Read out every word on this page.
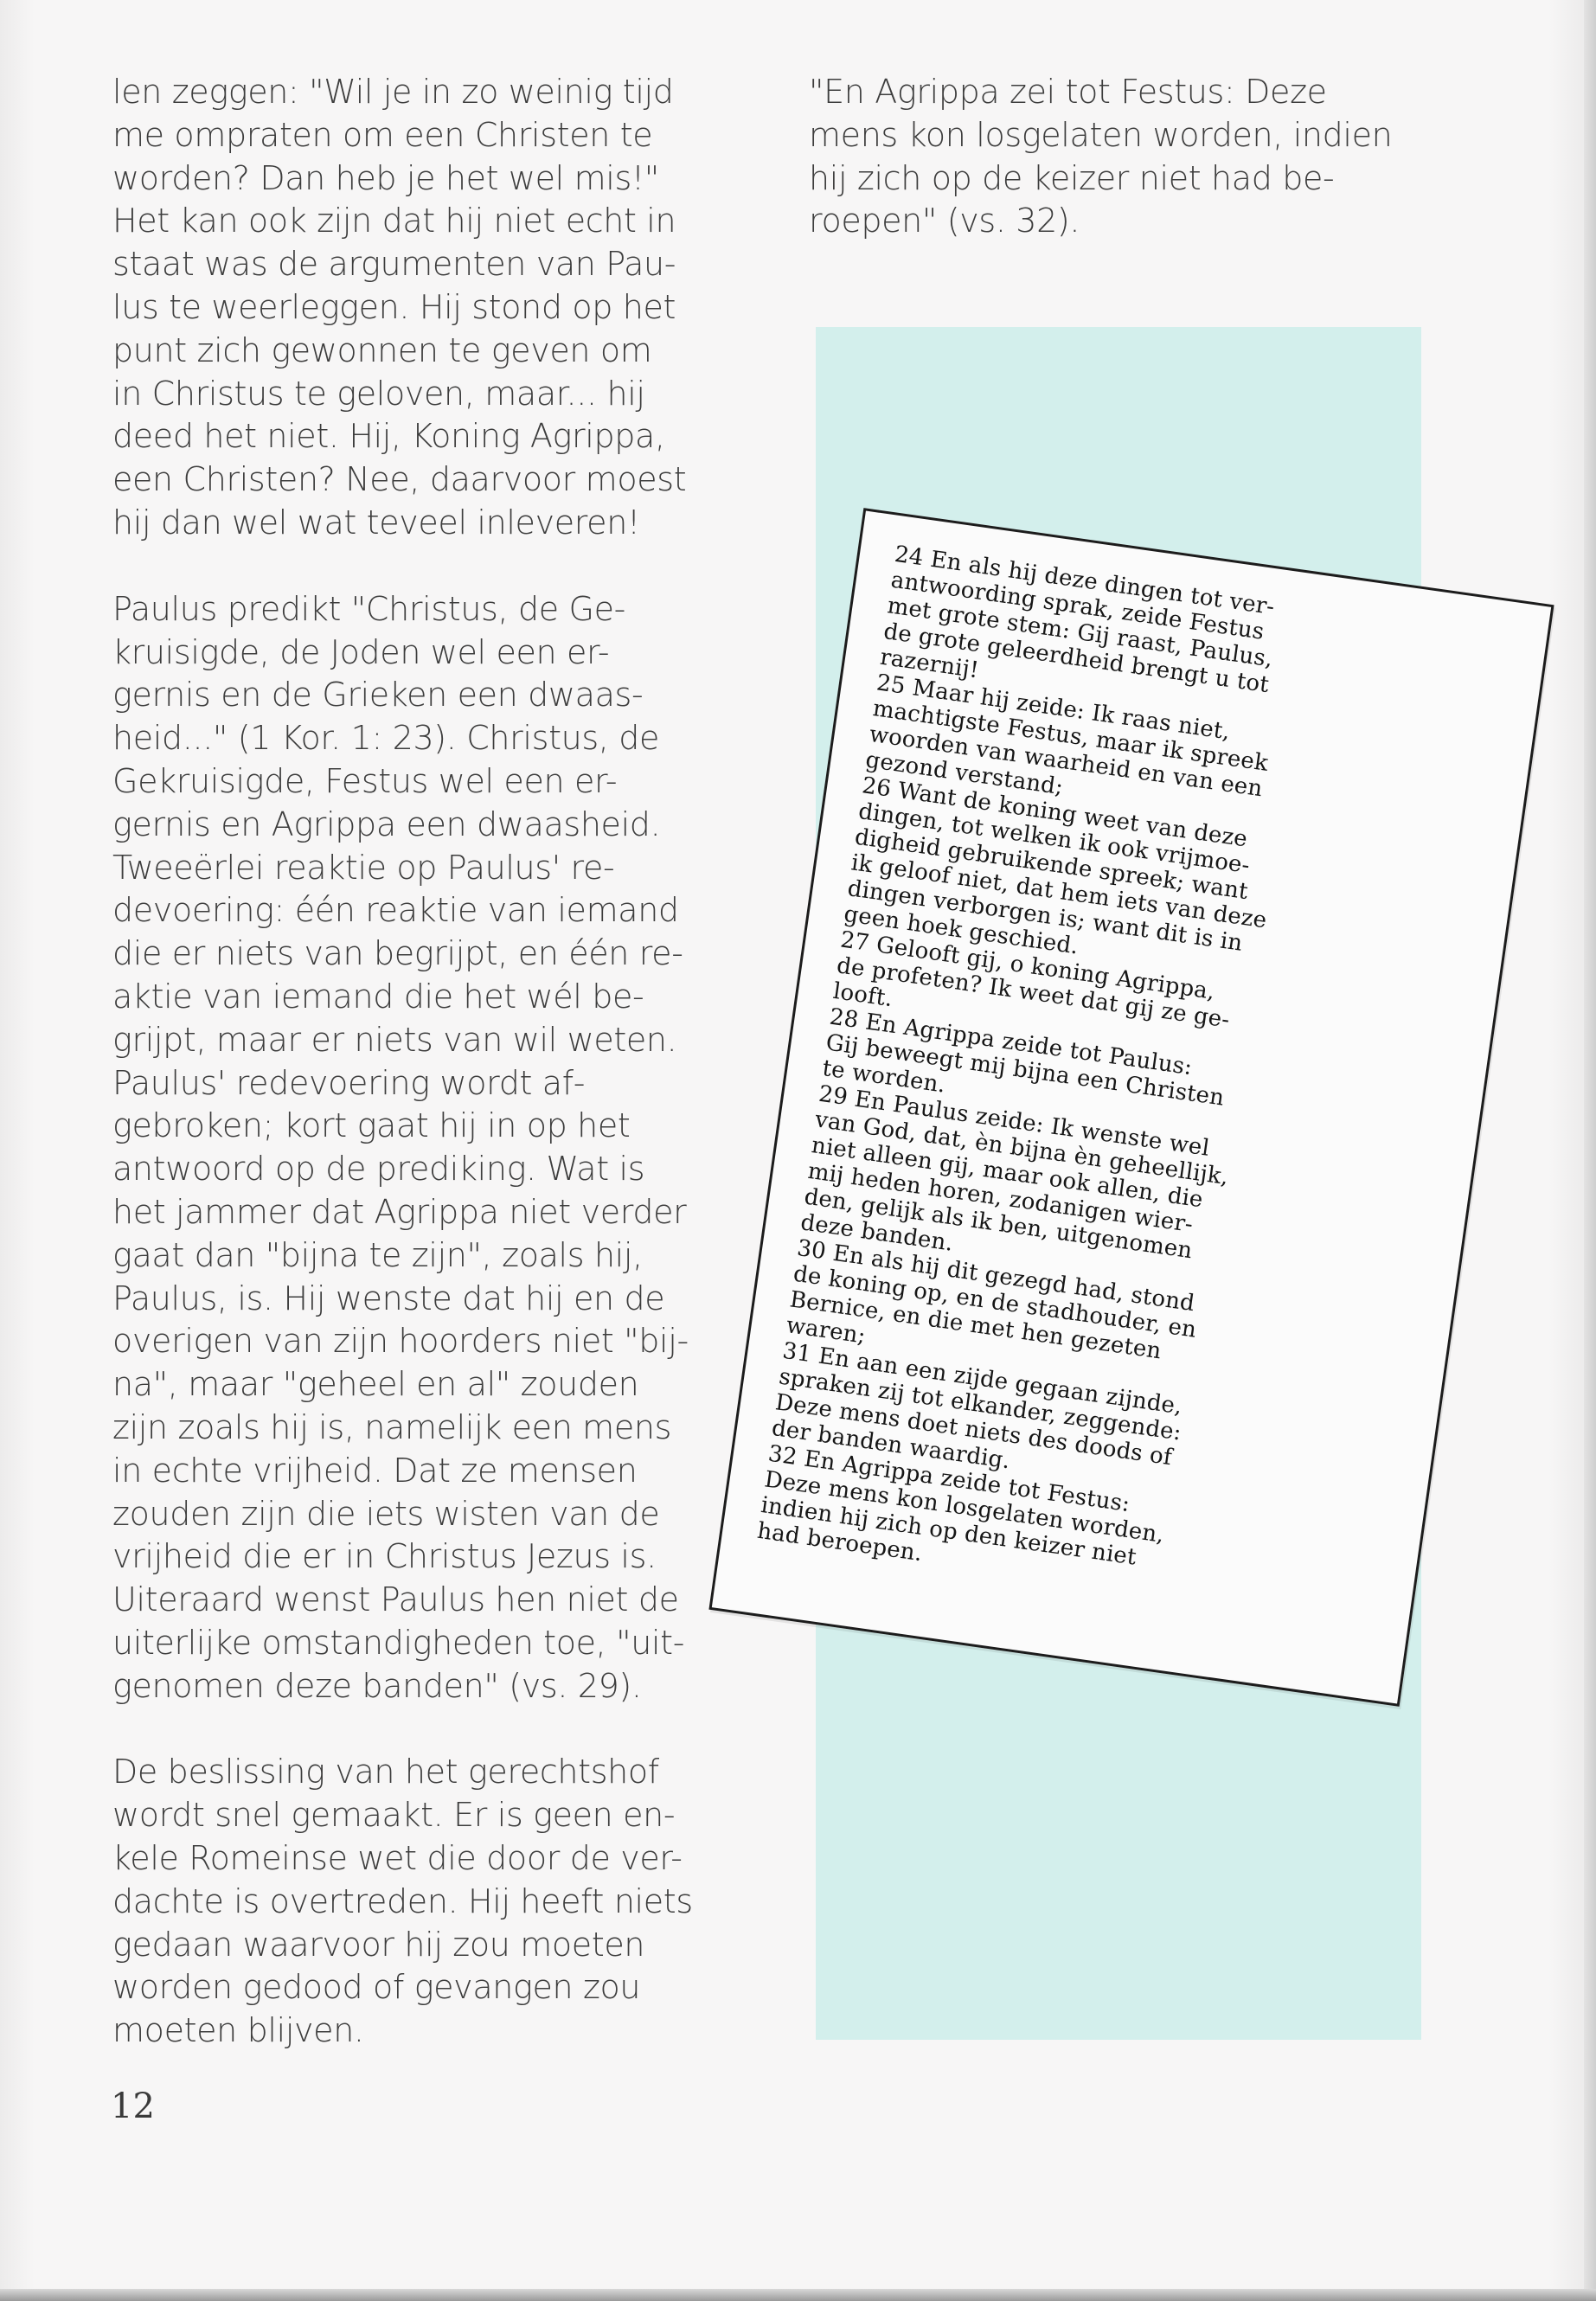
len zeggen: "Wil je in zo weinig tijd
me ompraten om een Christen te
worden? Dan heb je het wel mis!"
Het kan ook zijn dat hij niet echt in
staat was de argumenten van Pau-
lus te weerleggen. Hij stond op het
punt zich gewonnen te geven om
in Christus te geloven, maar... hij
deed het niet. Hij, Koning Agrippa,
een Christen? Nee, daarvoor moest
hij dan wel wat teveel inleveren!

Paulus predikt "Christus, de Ge-
kruisigde, de Joden wel een er-
gernis en de Grieken een dwaas-
heid..." (1 Kor. 1: 23). Christus, de
Gekruisigde, Festus wel een er-
gernis en Agrippa een dwaasheid.
Tweeërlei reaktie op Paulus' re-
devoering: één reaktie van iemand
die er niets van begrijpt, en één re-
aktie van iemand die het wél be-
grijpt, maar er niets van wil weten.
Paulus' redevoering wordt af-
gebroken; kort gaat hij in op het
antwoord op de prediking. Wat is
het jammer dat Agrippa niet verder
gaat dan "bijna te zijn", zoals hij,
Paulus, is. Hij wenste dat hij en de
overigen van zijn hoorders niet "bij-
na", maar "geheel en al" zouden
zijn zoals hij is, namelijk een mens
in echte vrijheid. Dat ze mensen
zouden zijn die iets wisten van de
vrijheid die er in Christus Jezus is.
Uiteraard wenst Paulus hen niet de
uiterlijke omstandigheden toe, "uit-
genomen deze banden" (vs. 29).

De beslissing van het gerechtshof
wordt snel gemaakt. Er is geen en-
kele Romeinse wet die door de ver-
dachte is overtreden. Hij heeft niets
gedaan waarvoor hij zou moeten
worden gedood of gevangen zou
moeten blijven.

"En Agrippa zei tot Festus: Deze
mens kon losgelaten worden, indien
hij zich op de keizer niet had be-
roepen" (vs. 32).

24 En als hij deze dingen tot ver-
antwoording sprak, zeide Festus
met grote stem: Gij raast, Paulus,
de grote geleerdheid brengt u tot
razernij!
25 Maar hij zeide: Ik raas niet,
machtigste Festus, maar ik spreek
woorden van waarheid en van een
gezond verstand;
26 Want de koning weet van deze
dingen, tot welken ik ook vrijmoe-
digheid gebruikende spreek; want
ik geloof niet, dat hem iets van deze
dingen verborgen is; want dit is in
geen hoek geschied.
27 Gelooft gij, o koning Agrippa,
de profeten? Ik weet dat gij ze ge-
looft.
28 En Agrippa zeide tot Paulus:
Gij beweegt mij bijna een Christen
te worden.
29 En Paulus zeide: Ik wenste wel
van God, dat, èn bijna èn geheellijk,
niet alleen gij, maar ook allen, die
mij heden horen, zodanigen wier-
den, gelijk als ik ben, uitgenomen
deze banden.
30 En als hij dit gezegd had, stond
de koning op, en de stadhouder, en
Bernice, en die met hen gezeten
waren;
31 En aan een zijde gegaan zijnde,
spraken zij tot elkander, zeggende:
Deze mens doet niets des doods of
der banden waardig.
32 En Agrippa zeide tot Festus:
Deze mens kon losgelaten worden,
indien hij zich op den keizer niet
had beroepen.
12
